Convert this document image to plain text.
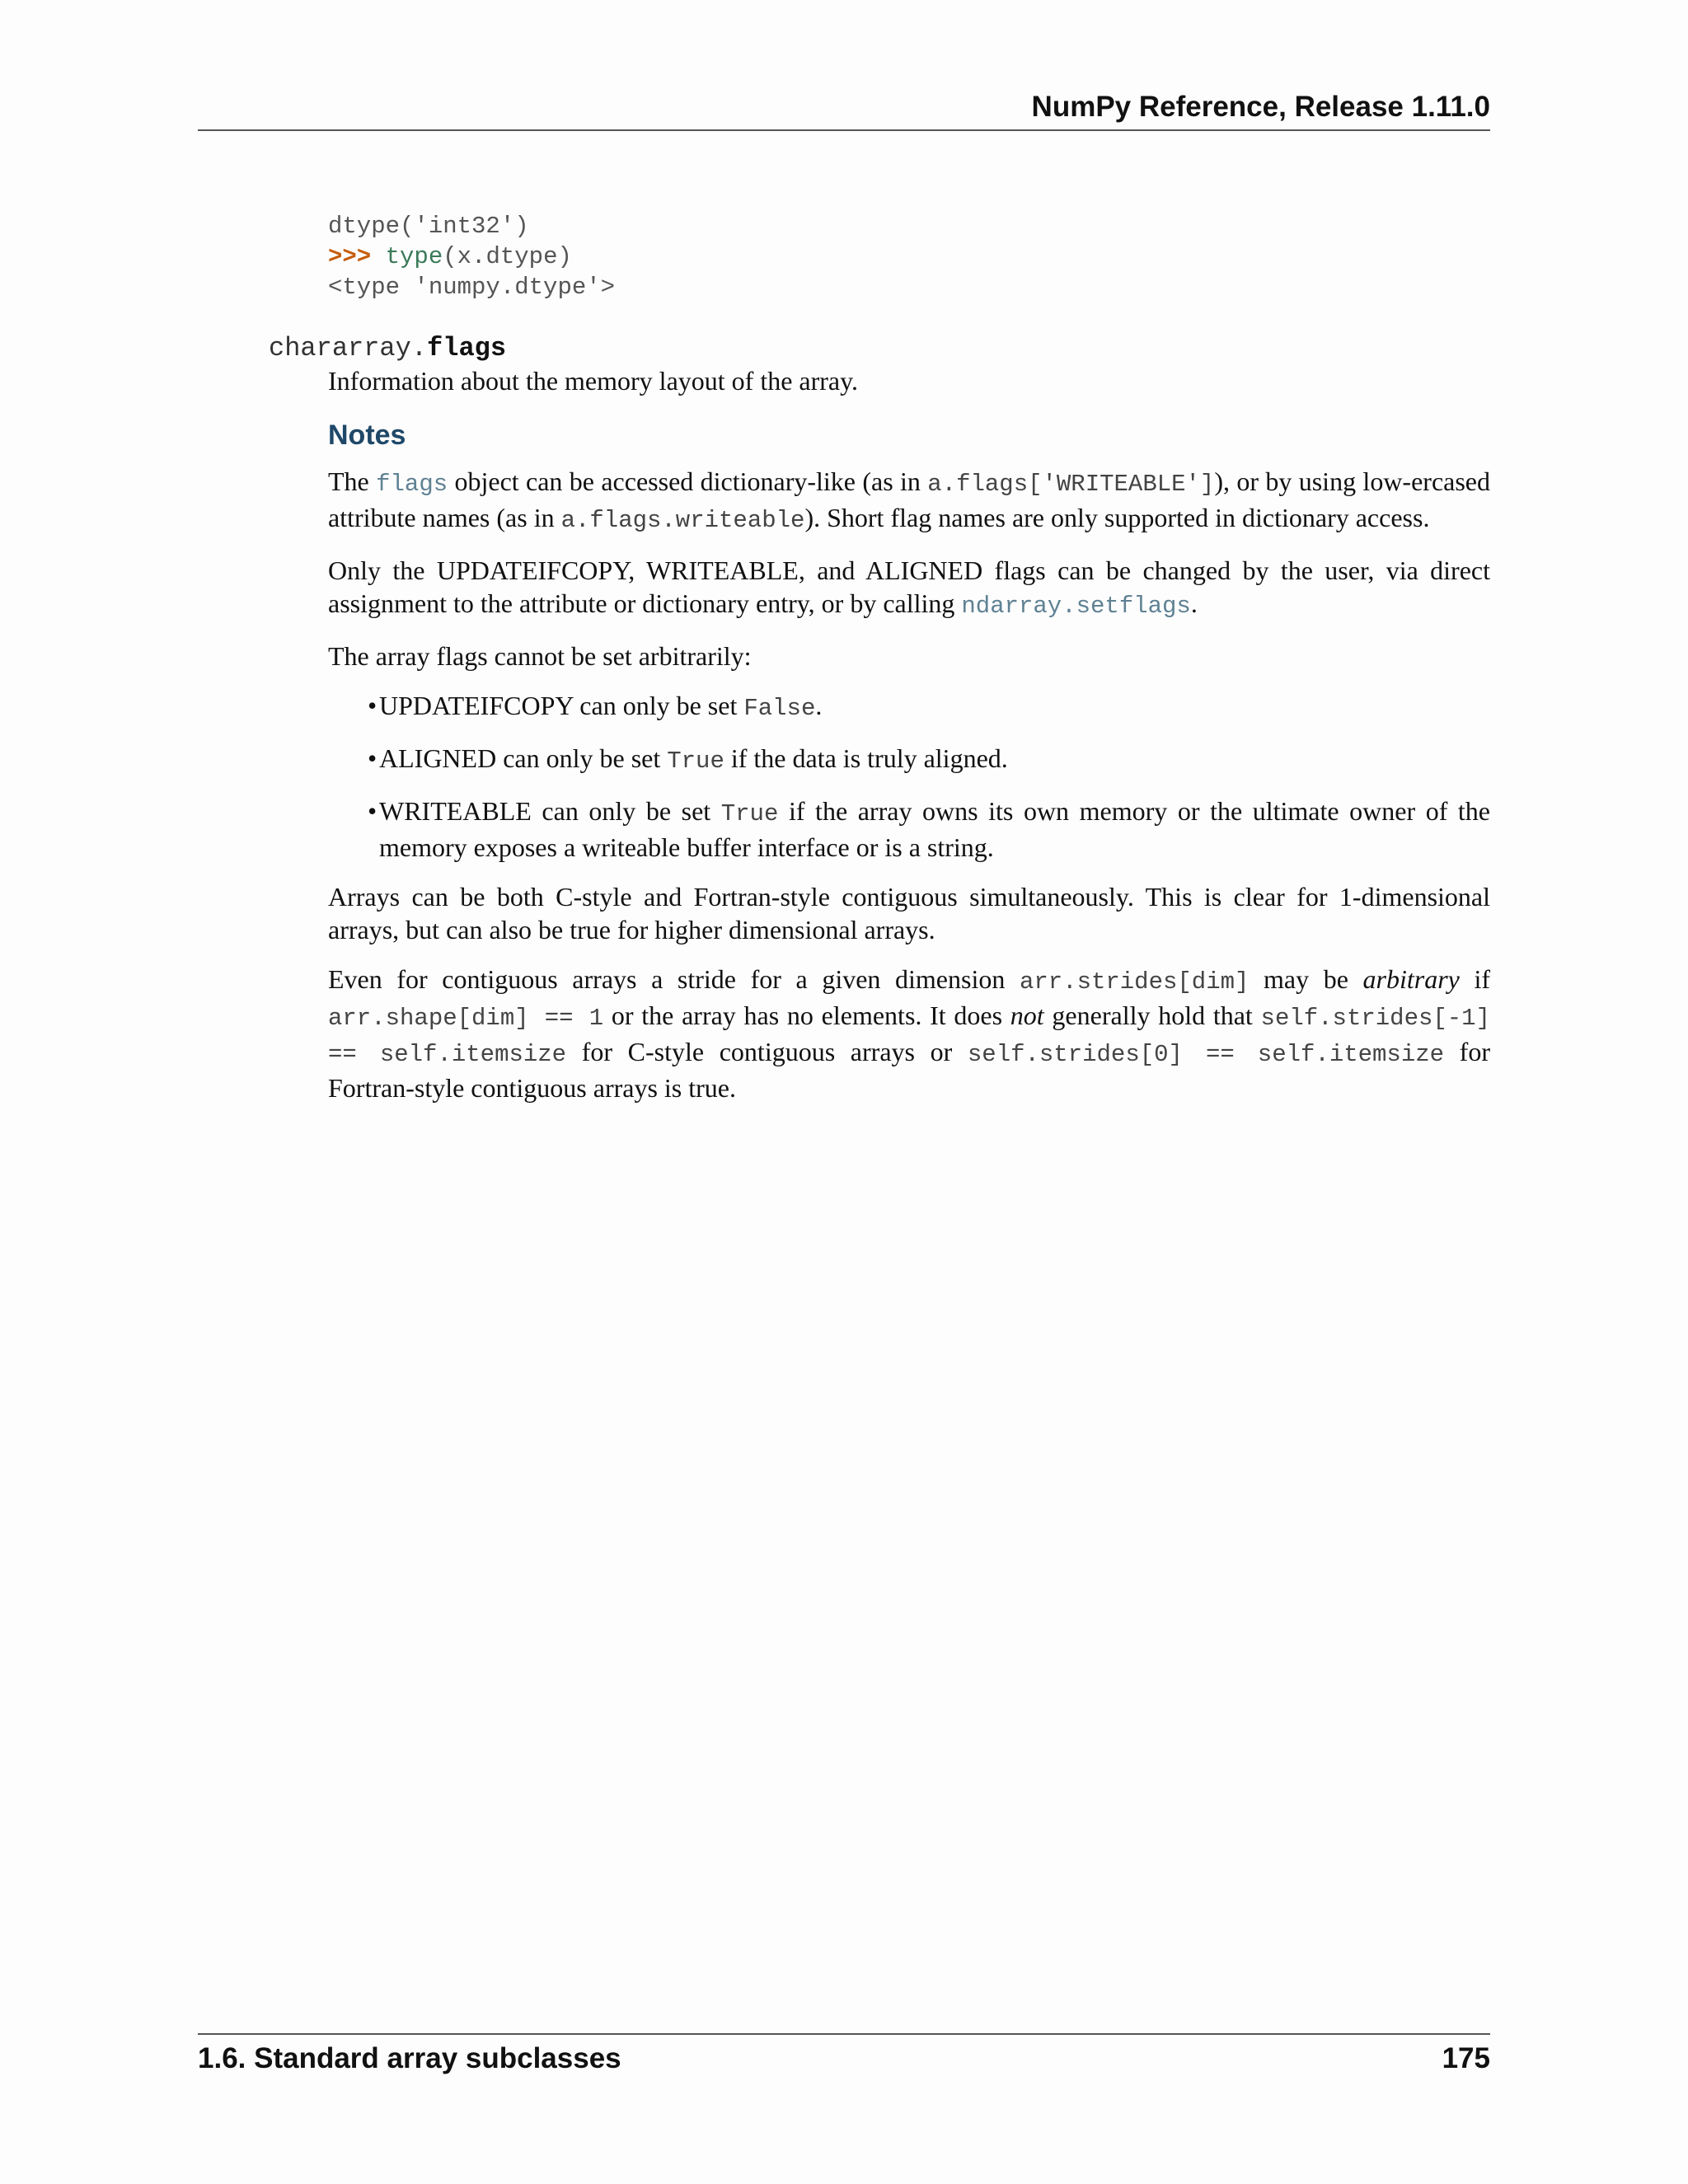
NumPy Reference, Release 1.11.0
dtype('int32')
>>> type(x.dtype)
<type 'numpy.dtype'>
chararray.flags

Information about the memory layout of the array.

Notes

The flags object can be accessed dictionary-like (as in a.flags['WRITEABLE']), or by using low-ercased attribute names (as in a.flags.writeable). Short flag names are only supported in dictionary access.

Only the UPDATEIFCOPY, WRITEABLE, and ALIGNED flags can be changed by the user, via direct assignment to the attribute or dictionary entry, or by calling ndarray.setflags.

The array flags cannot be set arbitrarily:

• UPDATEIFCOPY can only be set False.
• ALIGNED can only be set True if the data is truly aligned.
• WRITEABLE can only be set True if the array owns its own memory or the ultimate owner of the memory exposes a writeable buffer interface or is a string.

Arrays can be both C-style and Fortran-style contiguous simultaneously. This is clear for 1-dimensional arrays, but can also be true for higher dimensional arrays.

Even for contiguous arrays a stride for a given dimension arr.strides[dim] may be arbitrary if arr.shape[dim] == 1 or the array has no elements. It does not generally hold that self.strides[-1] == self.itemsize for C-style contiguous arrays or self.strides[0] == self.itemsize for Fortran-style contiguous arrays is true.

1.6. Standard array subclasses	175
